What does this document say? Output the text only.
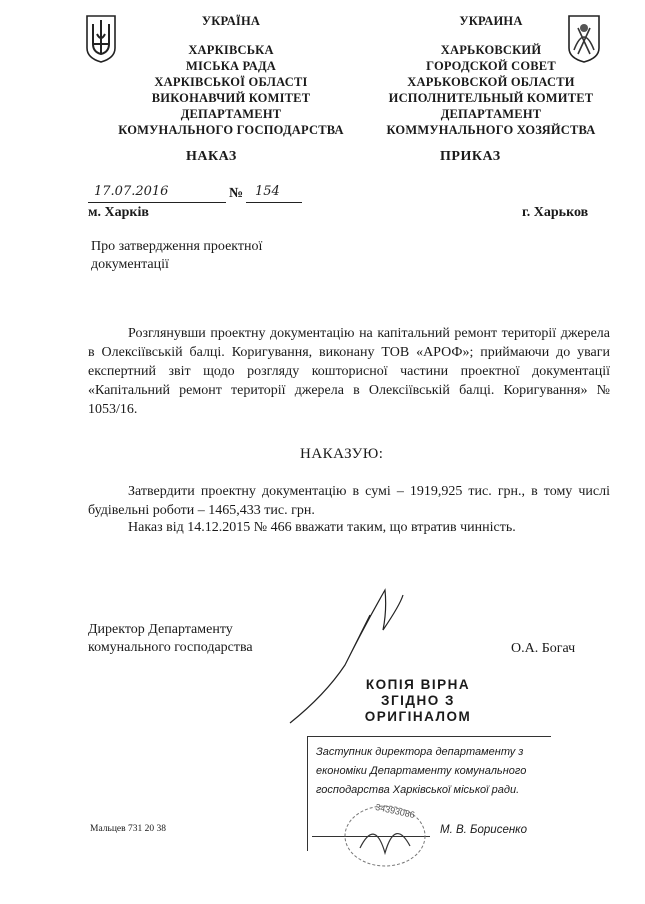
УКРАЇНА
ХАРКІВСЬКА
МІСЬКА РАДА
ХАРКІВСЬКОЇ ОБЛАСТІ
ВИКОНАВЧИЙ КОМІТЕТ
ДЕПАРТАМЕНТ
КОМУНАЛЬНОГО ГОСПОДАРСТВА
УКРАИНА
ХАРЬКОВСКИЙ
ГОРОДСКОЙ СОВЕТ
ХАРЬКОВСКОЙ ОБЛАСТИ
ИСПОЛНИТЕЛЬНЫЙ КОМИТЕТ
ДЕПАРТАМЕНТ
КОММУНАЛЬНОГО ХОЗЯЙСТВА
НАКАЗ	ПРИКАЗ
17.07.2016	№ 154
м. Харків	г. Харьков
Про затвердження проектної
документації
Розглянувши проектну документацію на капітальний ремонт території джерела в Олексіївській балці. Коригування, виконану ТОВ «АРОФ»; приймаючи до уваги експертний звіт щодо розгляду кошторисної частини проектної документації «Капітальний ремонт території джерела в Олексіївській балці. Коригування» № 1053/16.
НАКАЗУЮ:
Затвердити проектну документацію в сумі – 1919,925 тис. грн., в тому числі будівельні роботи – 1465,433 тис. грн.
Наказ від 14.12.2015 № 466 вважати таким, що втратив чинність.
Директор Департаменту
комунального господарства	О.А. Богач
КОПІЯ ВІРНА
ЗГІДНО З
ОРИГІНАЛОМ
Заступник директора департаменту з
економіки Департаменту комунального
господарства Харківської міської ради.
М. В. Борисенко
34393086
Мальцев 731 20 38
